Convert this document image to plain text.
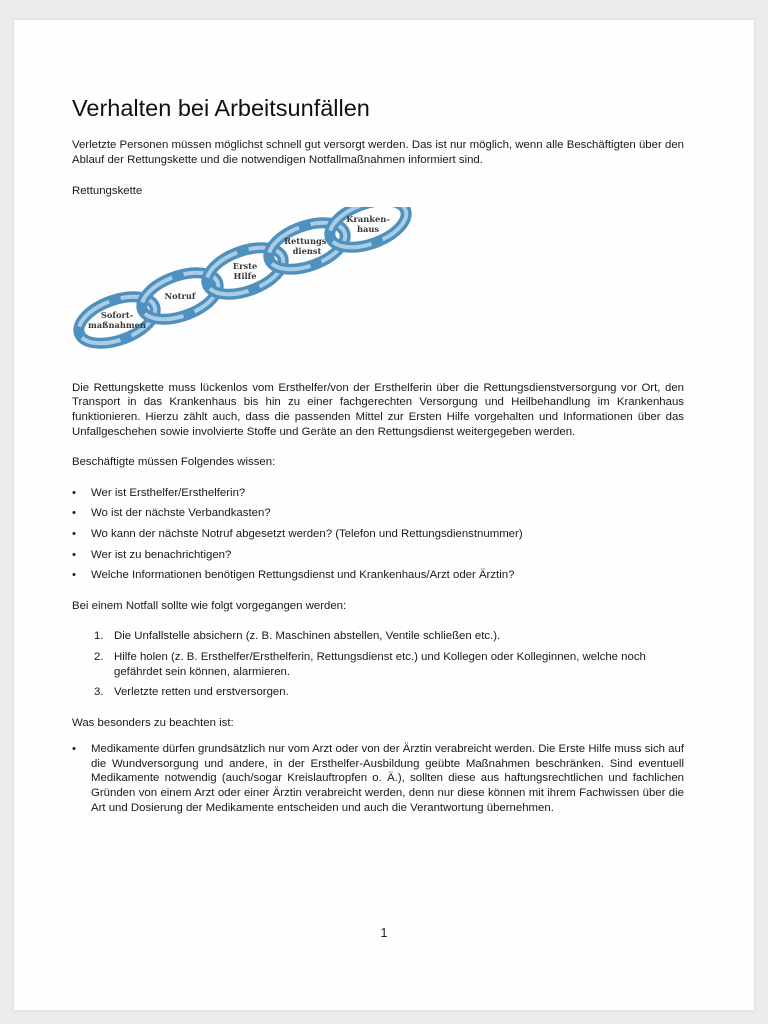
Verhalten bei Arbeitsunfällen

Verletzte Personen müssen möglichst schnell gut versorgt werden. Das ist nur möglich, wenn alle Beschäftigten über den Ablauf der Rettungskette und die notwendigen Notfallmaßnahmen informiert sind.

Rettungskette

Sofort-maßnahmen
Notruf
Erste Hilfe
Rettungs-dienst
Kranken-haus

Die Rettungskette muss lückenlos vom Ersthelfer/von der Ersthelferin über die Rettungsdienstversorgung vor Ort, den Transport in das Krankenhaus bis hin zu einer fachgerechten Versorgung und Heilbehandlung im Krankenhaus funktionieren. Hierzu zählt auch, dass die passenden Mittel zur Ersten Hilfe vorgehalten und Informationen über das Unfallgeschehen sowie involvierte Stoffe und Geräte an den Rettungsdienst weitergegeben werden.

Beschäftigte müssen Folgendes wissen:

• Wer ist Ersthelfer/Ersthelferin?
• Wo ist der nächste Verbandkasten?
• Wo kann der nächste Notruf abgesetzt werden? (Telefon und Rettungsdienstnummer)
• Wer ist zu benachrichtigen?
• Welche Informationen benötigen Rettungsdienst und Krankenhaus/Arzt oder Ärztin?

Bei einem Notfall sollte wie folgt vorgegangen werden:

1. Die Unfallstelle absichern (z. B. Maschinen abstellen, Ventile schließen etc.).
2. Hilfe holen (z. B. Ersthelfer/Ersthelferin, Rettungsdienst etc.) und Kollegen oder Kolleginnen, welche noch gefährdet sein können, alarmieren.
3. Verletzte retten und erstversorgen.

Was besonders zu beachten ist:

• Medikamente dürfen grundsätzlich nur vom Arzt oder von der Ärztin verabreicht werden. Die Erste Hilfe muss sich auf die Wundversorgung und andere, in der Ersthelfer-Ausbildung geübte Maßnahmen beschränken. Sind eventuell Medikamente notwendig (auch/sogar Kreislauftropfen o. Ä.), sollten diese aus haftungsrechtlichen und fachlichen Gründen von einem Arzt oder einer Ärztin verabreicht werden, denn nur diese können mit ihrem Fachwissen über die Art und Dosierung der Medikamente entscheiden und auch die Verantwortung übernehmen.
1
